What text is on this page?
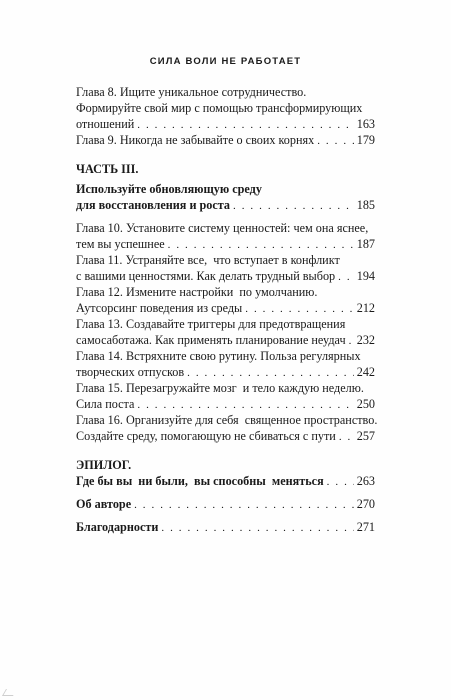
СИЛА ВОЛИ НЕ РАБОТАЕТ
Глава 8. Ищите уникальное сотрудничество.
Формируйте свой мир с помощью трансформирующих
отношений . . .	163
Глава 9. Никогда не забывайте о своих корнях . . .	179
ЧАСТЬ III.
Используйте обновляющую среду
для восстановления и роста . . .	185
Глава 10. Установите систему ценностей: чем она яснее,
тем вы успешнее . . .	187
Глава 11. Устраняйте все,  что вступает в конфликт
с вашими ценностями. Как делать трудный выбор . . . 194
Глава 12. Измените настройки  по умолчанию.
Аутсорсинг поведения из среды . . .	212
Глава 13. Создавайте триггеры для предотвращения
самосаботажа. Как применять планирование неудач . . . 232
Глава 14. Встряхните свою рутину. Польза регулярных
творческих отпусков . . .	242
Глава 15. Перезагружайте мозг  и тело каждую неделю.
Сила поста . . .	250
Глава 16. Организуйте для себя  священное пространство.
Создайте среду, помогающую не сбиваться с пути . . . 257
ЭПИЛОГ.
Где бы вы  ни были,  вы способны  меняться . . .	263
Об авторе . . .	270
Благодарности . . .	271
